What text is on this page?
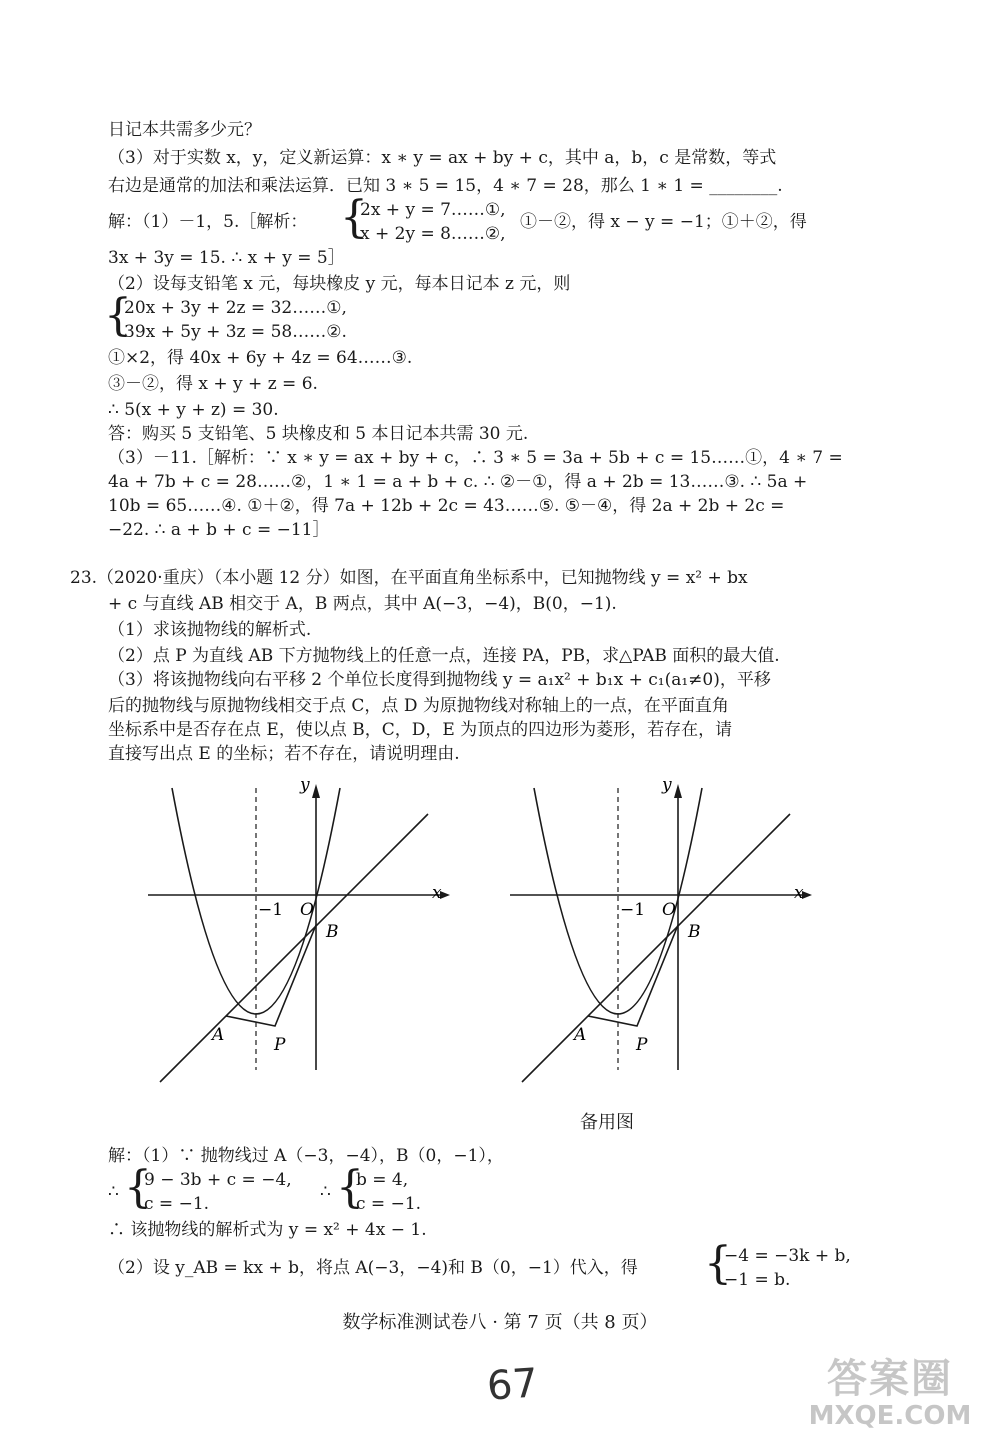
日记本共需多少元？
（3）对于实数 x，y，定义新运算：x ∗ y = ax + by + c，其中 a，b，c 是常数，等式
右边是通常的加法和乘法运算．已知 3 ∗ 5 = 15，4 ∗ 7 = 28，那么 1 ∗ 1 = ________.
解：（1）－1，5.［解析： {
2x + y = 7……①,
x + 2y = 8……②,
①－②，得 x − y = −1；①＋②，得
3x + 3y = 15. ∴ x + y = 5］
（2）设每支铅笔 x 元，每块橡皮 y 元，每本日记本 z 元，则
{
20x + 3y + 2z = 32……①,
39x + 5y + 3z = 58……②.
①×2，得 40x + 6y + 4z = 64……③.
③－②，得 x + y + z = 6.
∴ 5(x + y + z) = 30.
答：购买 5 支铅笔、5 块橡皮和 5 本日记本共需 30 元.
（3）－11.［解析：∵ x ∗ y = ax + by + c，∴ 3 ∗ 5 = 3a + 5b + c = 15……①，4 ∗ 7 =
4a + 7b + c = 28……②，1 ∗ 1 = a + b + c. ∴ ②－①，得 a + 2b = 13……③. ∴ 5a +
10b = 65……④. ①＋②，得 7a + 12b + 2c = 43……⑤. ⑤－④，得 2a + 2b + 2c =
−22. ∴ a + b + c = −11］
23.（2020·重庆）（本小题 12 分）如图，在平面直角坐标系中，已知抛物线 y = x² + bx
+ c 与直线 AB 相交于 A，B 两点，其中 A(−3，−4)，B(0，−1).
（1）求该抛物线的解析式.
（2）点 P 为直线 AB 下方抛物线上的任意一点，连接 PA，PB，求△PAB 面积的最大值.
（3）将该抛物线向右平移 2 个单位长度得到抛物线 y = a₁x² + b₁x + c₁(a₁≠0)，平移
后的抛物线与原抛物线相交于点 C，点 D 为原抛物线对称轴上的一点，在平面直角
坐标系中是否存在点 E，使以点 B，C，D，E 为顶点的四边形为菱形，若存在，请
直接写出点 E 的坐标；若不存在，请说明理由.
x
y
O
−1
B
A	P
x
y
O
−1
B
A	P
备用图
解：（1）∵ 抛物线过 A（−3，−4），B（0，−1），
∴ {
9 − 3b + c = −4,
c = −1.
∴ {
b = 4,
c = −1.
∴ 该抛物线的解析式为 y = x² + 4x − 1.
（2）设 y_AB = kx + b，将点 A(−3，−4)和 B（0，−1）代入，得 {
−4 = −3k + b,
−1 = b.
数学标准测试卷八 · 第 7 页（共 8 页）
67	答案圈
MXQE.COM
